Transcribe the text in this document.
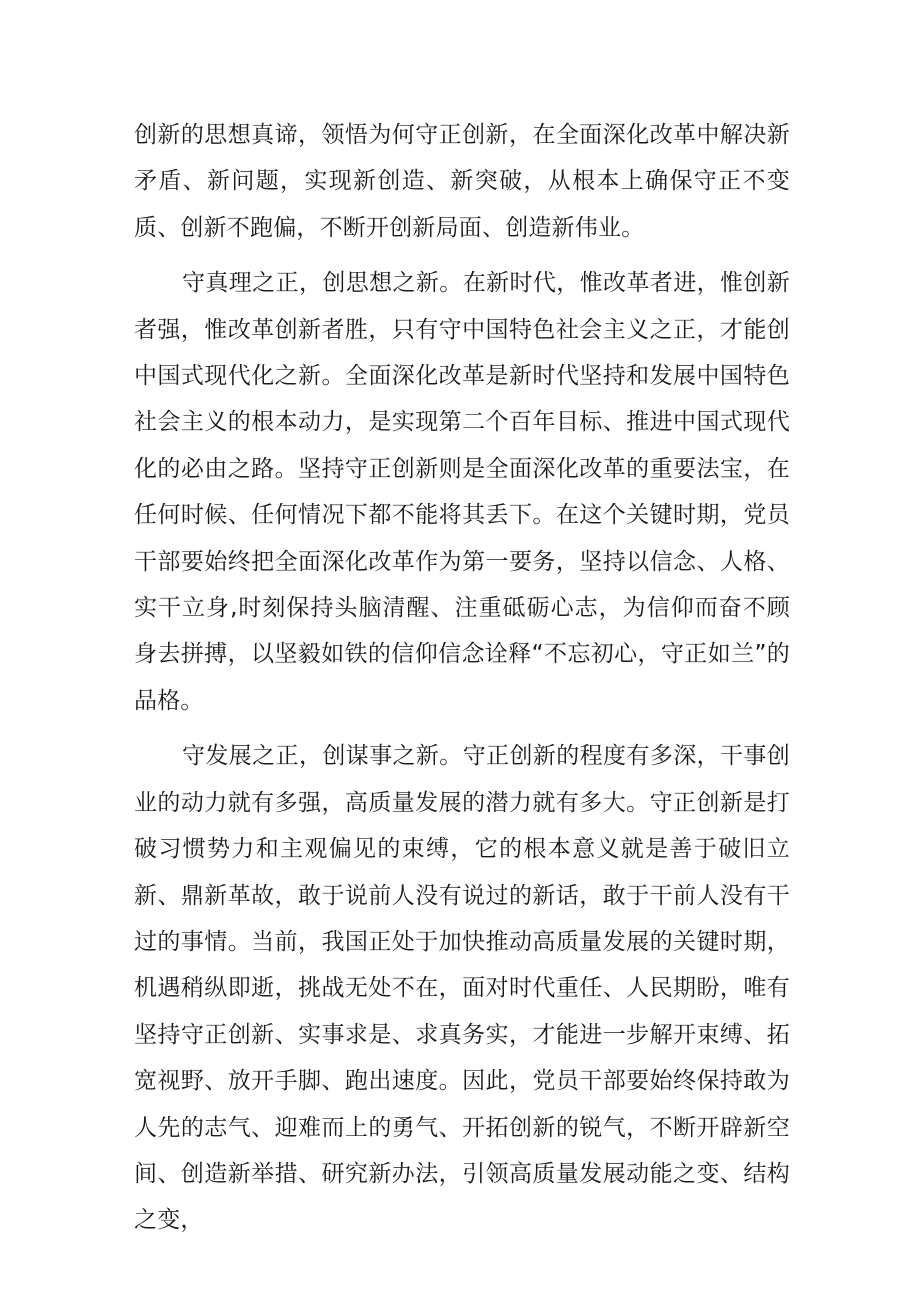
创新的思想真谛，领悟为何守正创新，在全面深化改革中解决新矛盾、新问题，实现新创造、新突破，从根本上确保守正不变质、创新不跑偏，不断开创新局面、创造新伟业。

守真理之正，创思想之新。在新时代，惟改革者进，惟创新者强，惟改革创新者胜，只有守中国特色社会主义之正，才能创中国式现代化之新。全面深化改革是新时代坚持和发展中国特色社会主义的根本动力，是实现第二个百年目标、推进中国式现代化的必由之路。坚持守正创新则是全面深化改革的重要法宝，在任何时候、任何情况下都不能将其丢下。在这个关键时期，党员干部要始终把全面深化改革作为第一要务，坚持以信念、人格、实干立身,时刻保持头脑清醒、注重砥砺心志，为信仰而奋不顾身去拼搏，以坚毅如铁的信仰信念诠释“不忘初心，守正如兰”的品格。

守发展之正，创谋事之新。守正创新的程度有多深，干事创业的动力就有多强，高质量发展的潜力就有多大。守正创新是打破习惯势力和主观偏见的束缚，它的根本意义就是善于破旧立新、鼎新革故，敢于说前人没有说过的新话，敢于干前人没有干过的事情。当前，我国正处于加快推动高质量发展的关键时期，机遇稍纵即逝，挑战无处不在，面对时代重任、人民期盼，唯有坚持守正创新、实事求是、求真务实，才能进一步解开束缚、拓宽视野、放开手脚、跑出速度。因此，党员干部要始终保持敢为人先的志气、迎难而上的勇气、开拓创新的锐气，不断开辟新空间、创造新举措、研究新办法，引领高质量发展动能之变、结构之变，
